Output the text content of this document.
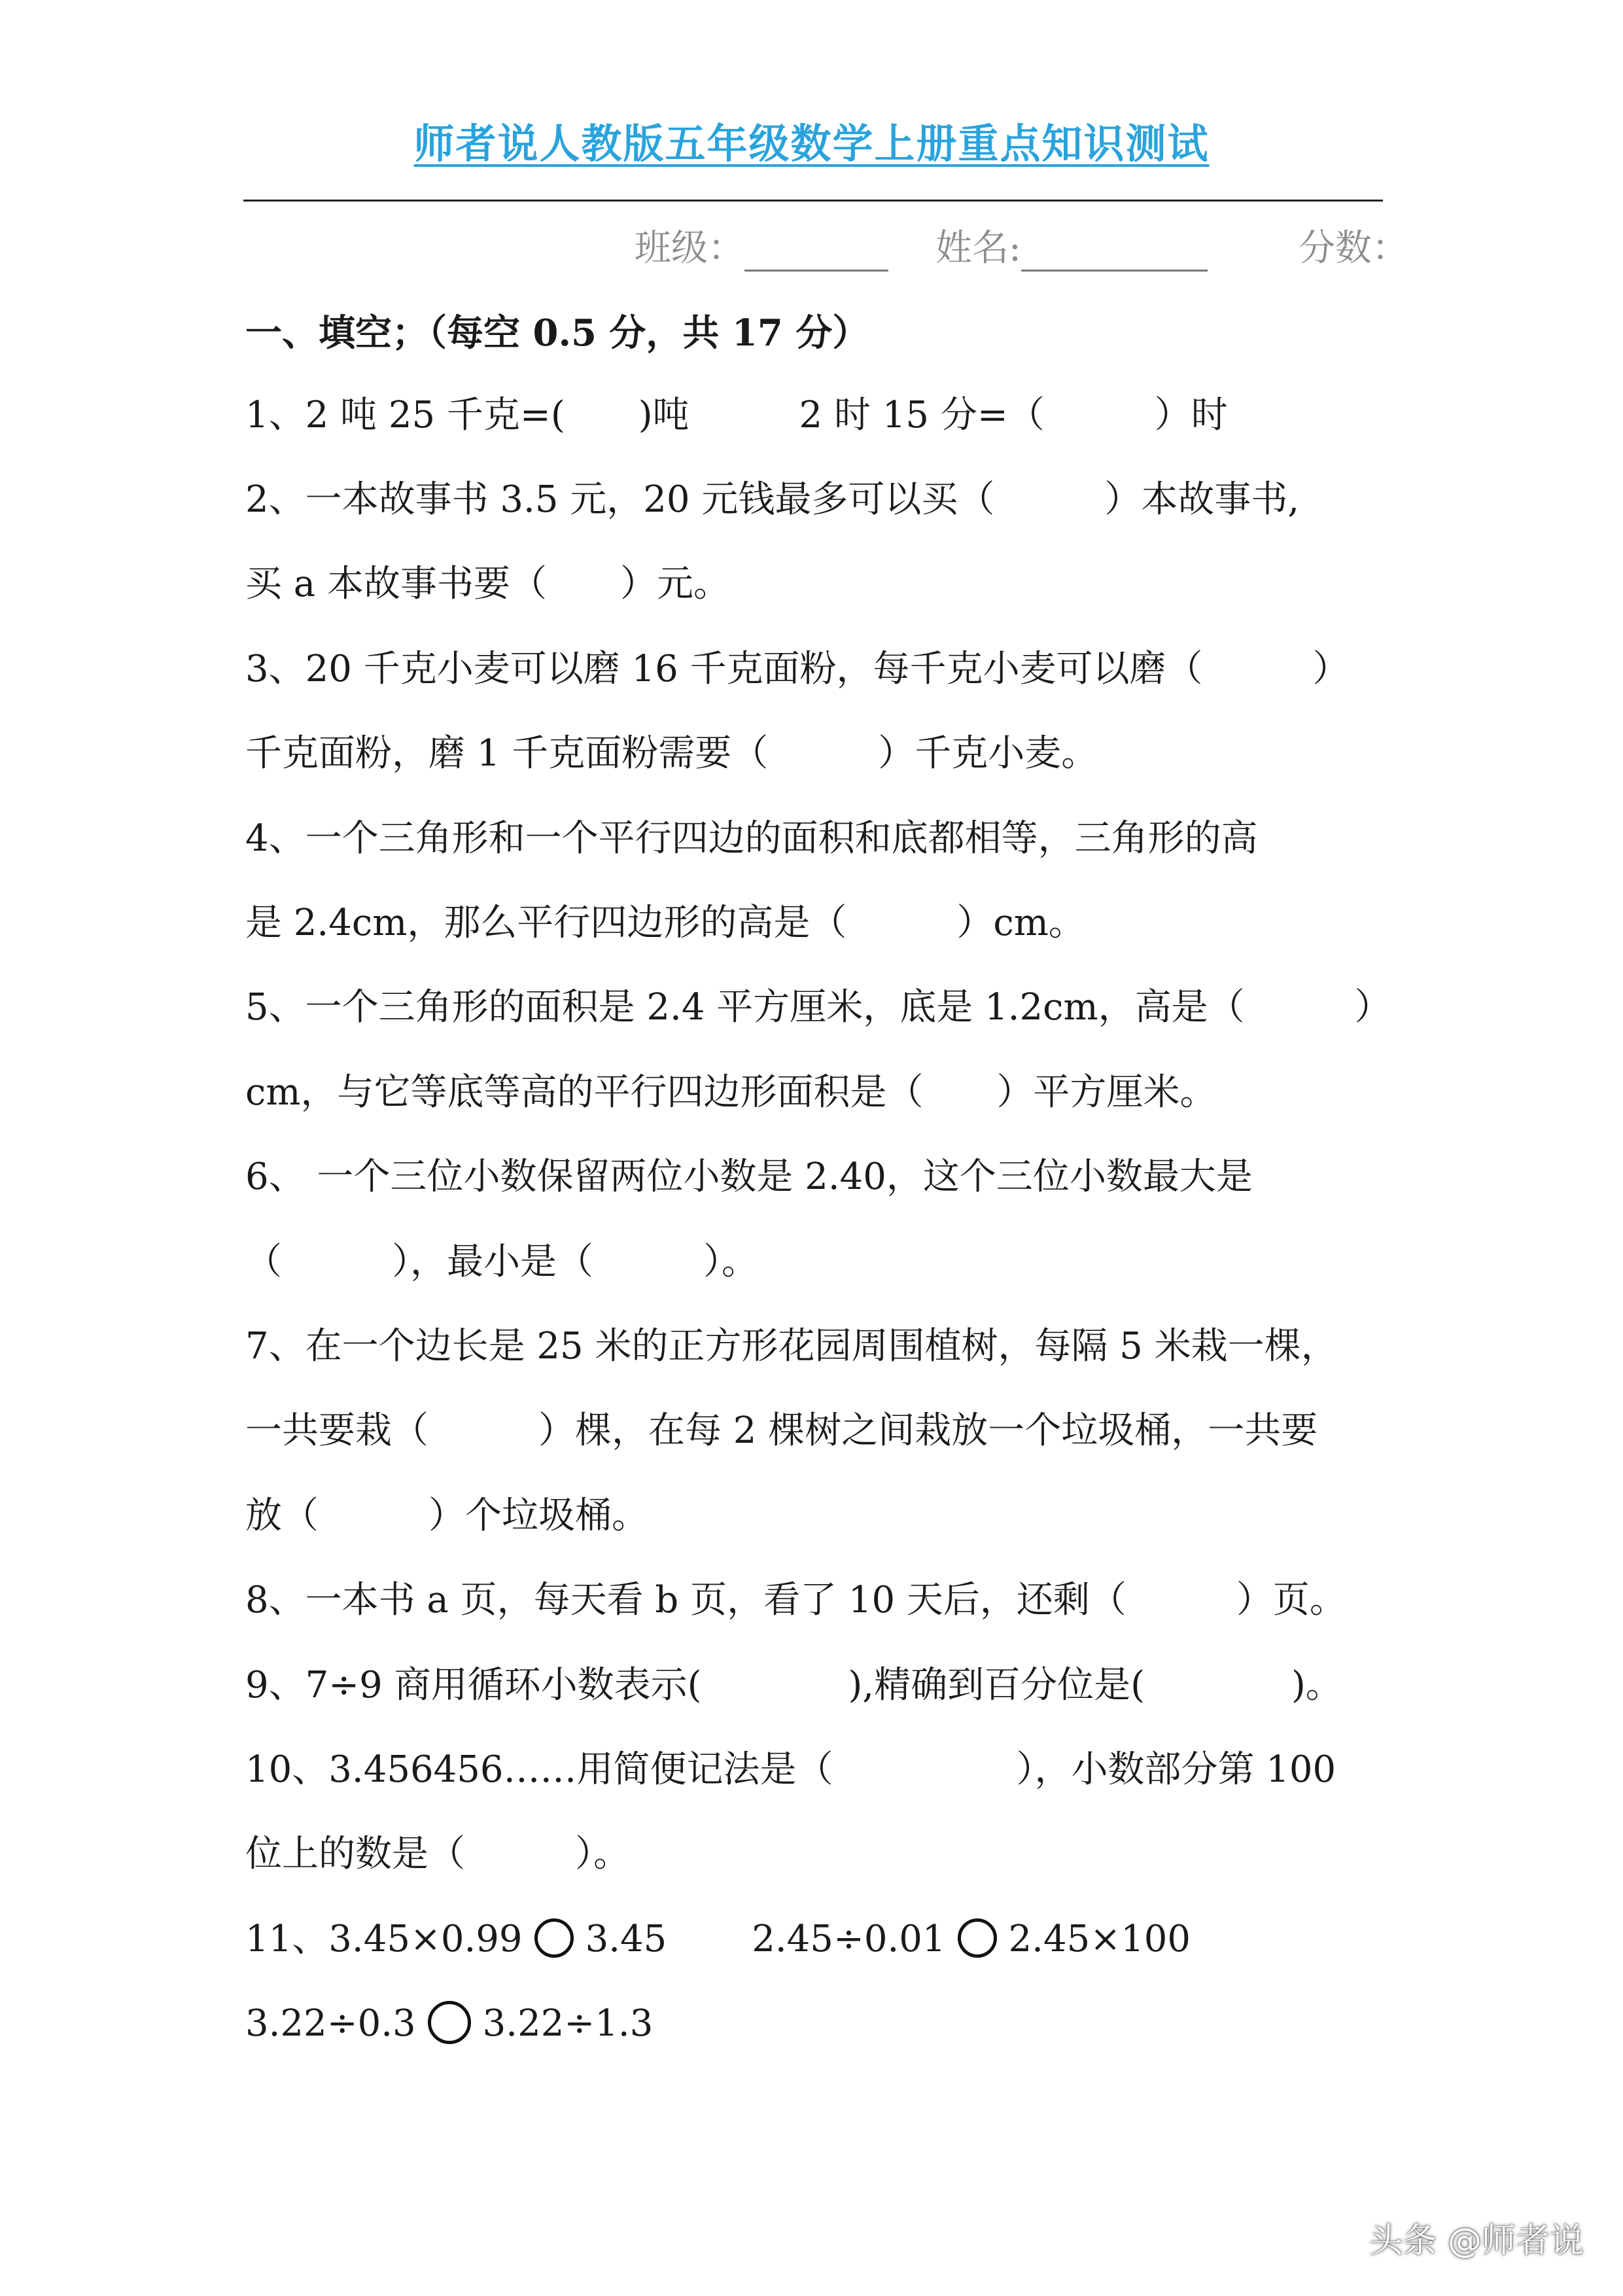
师者说人教版五年级数学上册重点知识测试
班级：	姓名:	分数：
一、填空；（每空 0.5 分，共 17 分）
1、2 吨 25 千克=(　　)吨　　　2 时 15 分=（　　　）时
2、一本故事书 3.5 元，20 元钱最多可以买（　　　）本故事书,
买 a 本故事书要（　　）元。
3、20 千克小麦可以磨 16 千克面粉，每千克小麦可以磨（　　　）
千克面粉，磨 1 千克面粉需要（　　　）千克小麦。
4、一个三角形和一个平行四边的面积和底都相等，三角形的高
是 2.4cm，那么平行四边形的高是（　　　）cm。
5、一个三角形的面积是 2.4 平方厘米，底是 1.2cm，高是（　　　）
cm，与它等底等高的平行四边形面积是（　　）平方厘米。
6、 一个三位小数保留两位小数是 2.40，这个三位小数最大是
（　　　），最小是（　　　）。
7、在一个边长是 25 米的正方形花园周围植树，每隔 5 米栽一棵，
一共要栽（　　　）棵，在每 2 棵树之间栽放一个垃圾桶，一共要
放（　　　）个垃圾桶。
8、一本书 a 页，每天看 b 页，看了 10 天后，还剩（　　　）页。
9、7÷9 商用循环小数表示(　　　　),精确到百分位是(　　　　)。
10、3.456456……用简便记法是（　　　　　），小数部分第 100
位上的数是（　　　）。
11、3.45×0.99 3.45 2.45÷0.01 2.45×100
3.22÷0.3 3.22÷1.3
头条 @师者说
